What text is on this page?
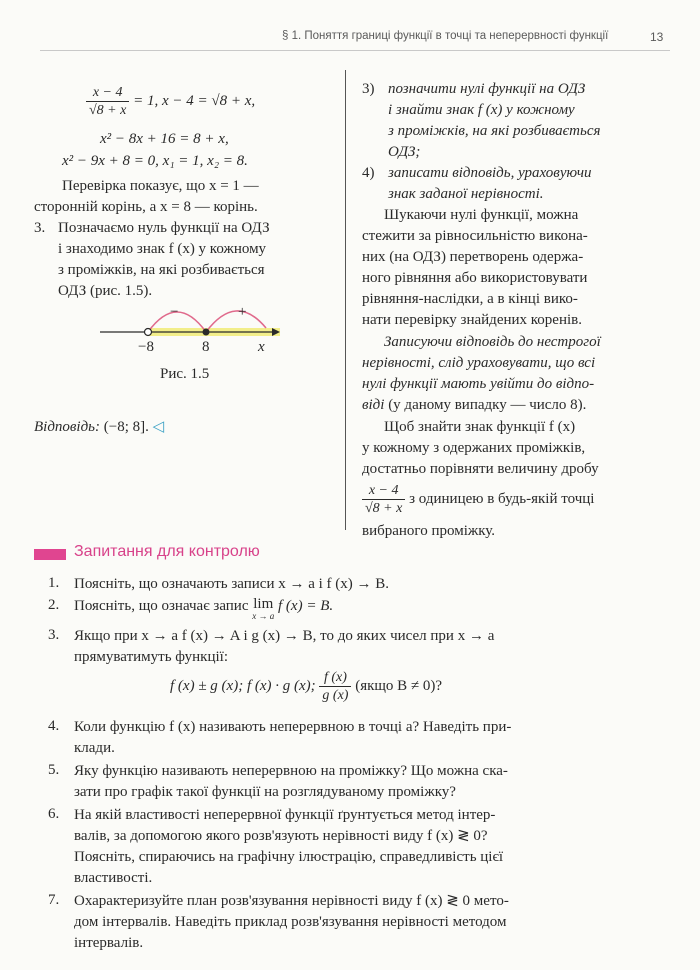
§ 1. Поняття границі функції в точці та неперервності функції	13
$\frac{x - 4}{√8 + x} = 1$, x − 4 = √8 + x,
x² − 8x + 16 = 8 + x,
x² − 9x + 8 = 0, x₁ = 1, x₂ = 8.
Перевірка показує, що x = 1 —
сторонній корінь, а x = 8 — корінь.
3. Позначаємо нуль функції на ОДЗ
і знаходимо знак f (x) у кожному
з проміжків, на які розбивається
ОДЗ (рис. 1.5).
−	+
−8	8	x
Рис. 1.5
Відповідь: (−8; 8]. ◁
3) позначити нулі функції на ОДЗ
і знайти знак f (x) у кожному
з проміжків, на які розбивається
ОДЗ;
4) записати відповідь, ураховуючи
знак заданої нерівності.
Шукаючи нулі функції, можна
стежити за рівносильністю викона-
них (на ОДЗ) перетворень одержа-
ного рівняння або використовувати
рівняння-наслідки, а в кінці вико-
нати перевірку знайдених коренів.
Записуючи відповідь до нестрогої
нерівності, слід ураховувати, що всі
нулі функції мають увійти до відпо-
віді (у даному випадку — число 8).
Щоб знайти знак функції f (x)
у кожному з одержаних проміжків,
достатньо порівняти величину дробу
$\frac{x - 4}{√8 + x}$ з одиницею в будь-якій точці
вибраного проміжку.
Запитання для контролю
1. Поясніть, що означають записи x → a і f (x) → B.
2. Поясніть, що означає запис lim
x → a
f (x) = B.
3. Якщо при x → a f (x) → A і g (x) → B, то до яких чисел при x → a
прямуватимуть функції:
f (x) ± g (x); f (x) · g (x); $\frac{f (x)}{g (x)}$ (якщо B ≠ 0)?
4. Коли функцію f (x) називають неперервною в точці a? Наведіть при-
клади.
5. Яку функцію називають неперервною на проміжку? Що можна ска-
зати про графік такої функції на розглядуваному проміжку?
6. На якій властивості неперервної функції ґрунтується метод інтер-
валів, за допомогою якого розв'язують нерівності виду f (x) ≷ 0?
Поясніть, спираючись на графічну ілюстрацію, справедливість цієї
властивості.
7. Охарактеризуйте план розв'язування нерівності виду f (x) ≷ 0 мето-
дом інтервалів. Наведіть приклад розв'язування нерівності методом
інтервалів.
